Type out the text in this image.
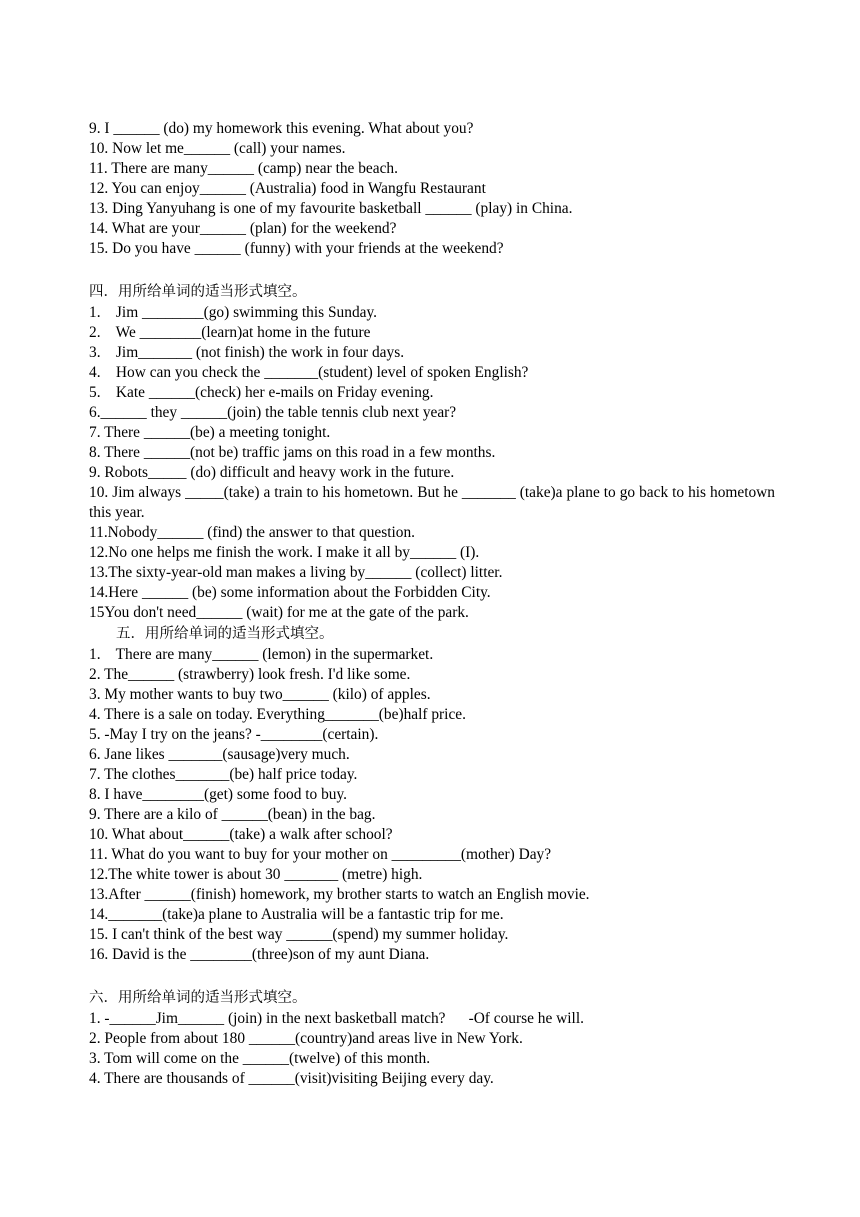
9. I ______ (do) my homework this evening. What about you?
10. Now let me______ (call) your names.
11. There are many______ (camp) near the beach.
12. You can enjoy______ (Australia) food in Wangfu Restaurant
13. Ding Yanyuhang is one of my favourite basketball ______ (play) in China.
14. What are your______ (plan) for the weekend?
15. Do you have ______ (funny) with your friends at the weekend?
四．用所给单词的适当形式填空。
1.    Jim ________(go) swimming this Sunday.
2.    We ________(learn)at home in the future
3.    Jim_______ (not finish) the work in four days.
4.    How can you check the _______(student) level of spoken English?
5.    Kate ______(check) her e-mails on Friday evening.
6.______ they ______(join) the table tennis club next year?
7. There ______(be) a meeting tonight.
8. There ______(not be) traffic jams on this road in a few months.
9. Robots_____ (do) difficult and heavy work in the future.
10. Jim always _____(take) a train to his hometown. But he _______ (take)a plane to go back to his hometown this year.
11.Nobody______ (find) the answer to that question.
12.No one helps me finish the work. I make it all by______ (I).
13.The sixty-year-old man makes a living by______ (collect) litter.
14.Here ______ (be) some information about the Forbidden City.
15You don't need______ (wait) for me at the gate of the park.
五．用所给单词的适当形式填空。
1.    There are many______ (lemon) in the supermarket.
2. The______ (strawberry) look fresh. I'd like some.
3. My mother wants to buy two______ (kilo) of apples.
4. There is a sale on today. Everything_______(be)half price.
5. -May I try on the jeans? -________(certain).
6. Jane likes _______(sausage)very much.
7. The clothes_______(be) half price today.
8. I have________(get) some food to buy.
9. There are a kilo of ______(bean) in the bag.
10. What about______(take) a walk after school?
11. What do you want to buy for your mother on _________(mother) Day?
12.The white tower is about 30 _______ (metre) high.
13.After ______(finish) homework, my brother starts to watch an English movie.
14._______(take)a plane to Australia will be a fantastic trip for me.
15. I can't think of the best way ______(spend) my summer holiday.
16. David is the ________(three)son of my aunt Diana.
六．用所给单词的适当形式填空。
1. -______Jim______ (join) in the next basketball match?      -Of course he will.
2. People from about 180 ______(country)and areas live in New York.
3. Tom will come on the ______(twelve) of this month.
4. There are thousands of ______(visit)visiting Beijing every day.
